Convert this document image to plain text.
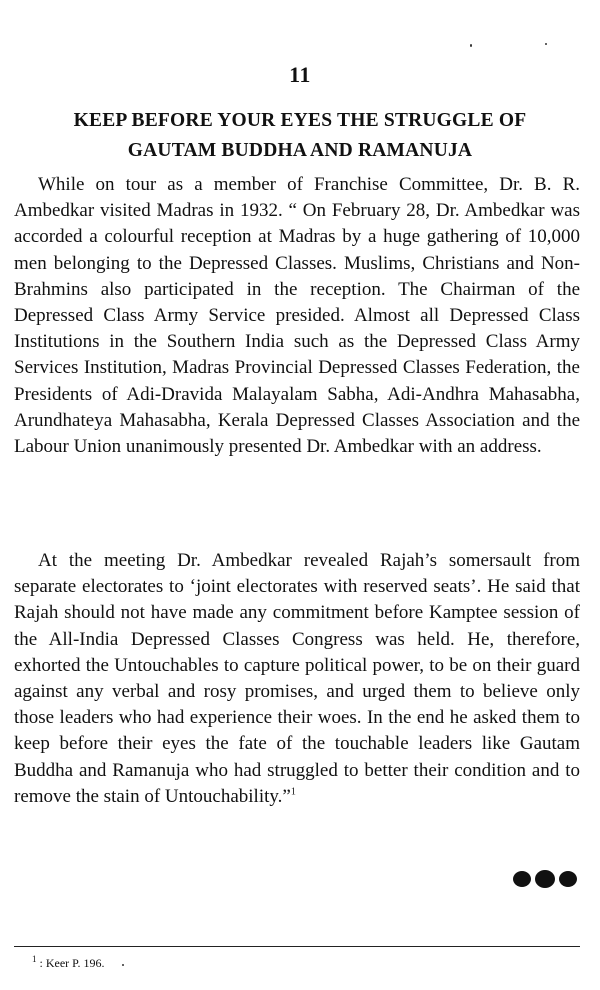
11
KEEP BEFORE YOUR EYES THE STRUGGLE OF
GAUTAM BUDDHA AND RAMANUJA

While on tour as a member of Franchise Committee, Dr. B. R. Ambedkar visited Madras in 1932. “ On February 28, Dr. Ambedkar was accorded a colourful reception at Madras by a huge gathering of 10,000 men belonging to the Depressed Classes. Muslims, Christians and Non-Brahmins also participated in the reception. The Chairman of the Depressed Class Army Service presided. Almost all Depressed Class Institutions in the Southern India such as the Depressed Class Army Services Institution, Madras Provincial Depressed Classes Federation, the Presidents of Adi-Dravida Malayalam Sabha, Adi-Andhra Mahasabha, Arundhateya Mahasabha, Kerala Depressed Classes Association and the Labour Union unanimously presented Dr. Ambedkar with an address.

At the meeting Dr. Ambedkar revealed Rajah’s somersault from separate electorates to ‘joint electorates with reserved seats’. He said that Rajah should not have made any commitment before Kamptee session of the All-India Depressed Classes Congress was held. He, therefore, exhorted the Untouchables to capture political power, to be on their guard against any verbal and rosy promises, and urged them to believe only those leaders who had experience their woes. In the end he asked them to keep before their eyes the fate of the touchable leaders like Gautam Buddha and Ramanuja who had struggled to better their condition and to remove the stain of Untouchability.”$^1$

$^1$ : Keer P. 196.
